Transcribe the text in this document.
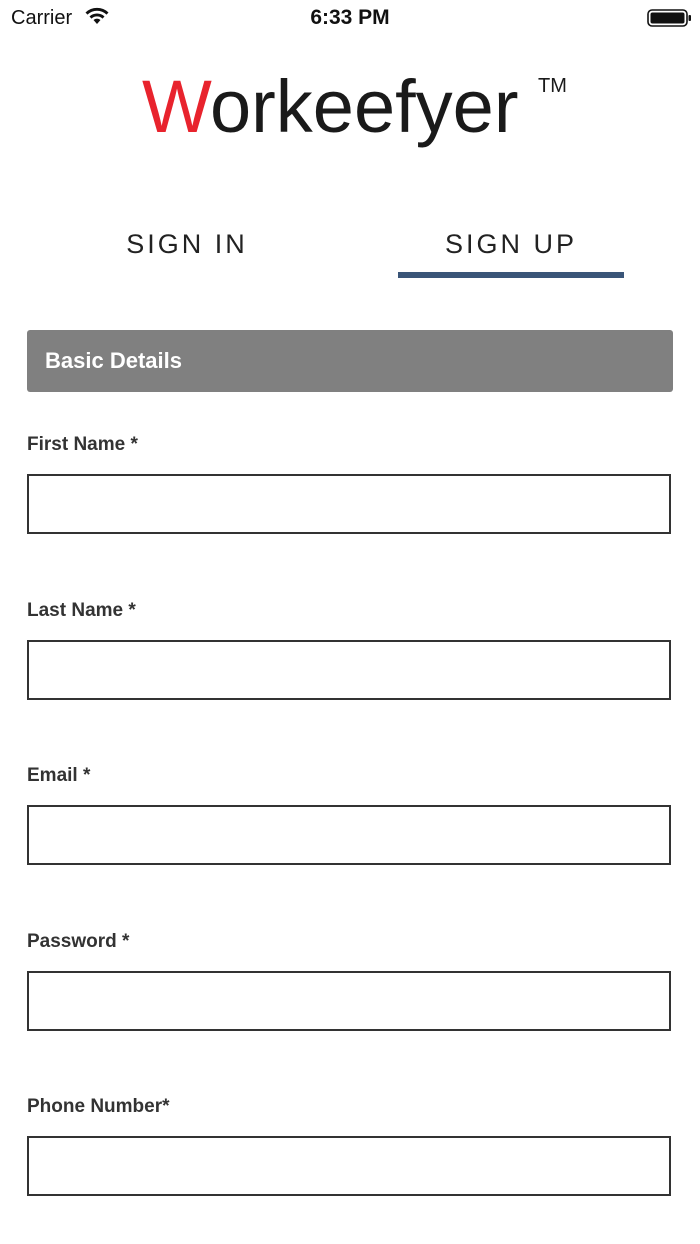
Carrier	6:33 PM
W
orkeefyer TM
SIGN IN	SIGN UP
Basic Details
First Name *
Last Name *
Email *
Password *
Phone Number*
